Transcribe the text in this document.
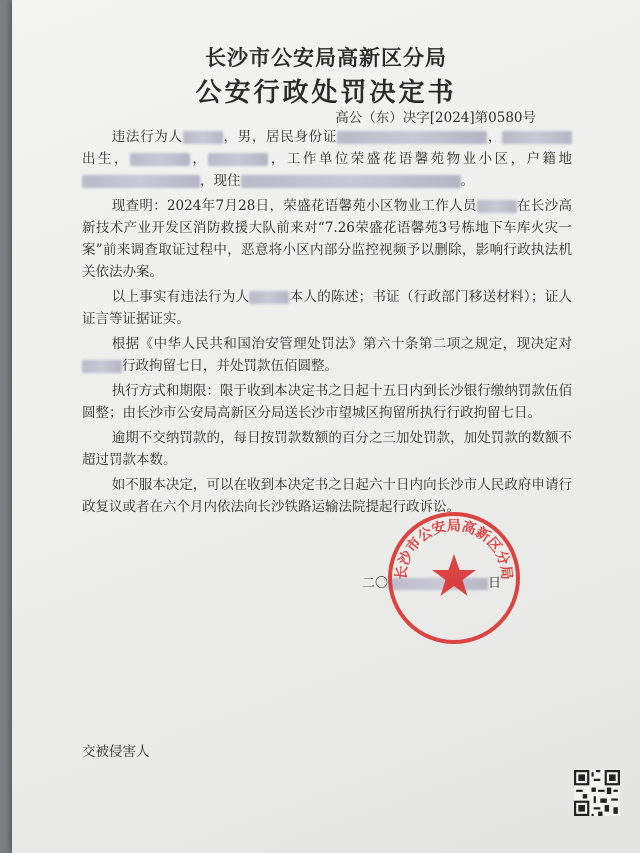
长沙市公安局高新区分局
公安行政处罚决定书
高公（东）决字[2024]第0580号

违法行为人	，男，居民身份证	，出生，	，	，工作单位荣盛花语馨苑物业小区，户籍地，现住	。

现查明：2024年7月28日，荣盛花语馨苑小区物业工作人员	在长沙高新技术产业开发区消防救援大队前来对“7.26荣盛花语馨苑3号栋地下车库火灾一案”前来调查取证过程中，恶意将小区内部分监控视频予以删除，影响行政执法机关依法办案。

以上事实有违法行为人	本人的陈述；书证（行政部门移送材料）；证人证言等证据证实。

根据《中华人民共和国治安管理处罚法》第六十条第二项之规定，现决定对行政拘留七日，并处罚款伍佰圆整。

执行方式和期限：限于收到本决定书之日起十五日内到长沙银行缴纳罚款伍佰圆整；由长沙市公安局高新区分局送长沙市望城区拘留所执行行政拘留七日。

逾期不交纳罚款的，每日按罚款数额的百分之三加处罚款，加处罚款的数额不超过罚款本数。

如不服本决定，可以在收到本决定书之日起六十日内向长沙市人民政府申请行政复议或者在六个月内依法向长沙铁路运输法院提起行政诉讼。

二〇	日
长沙市公安局高新区分局
交被侵害人
